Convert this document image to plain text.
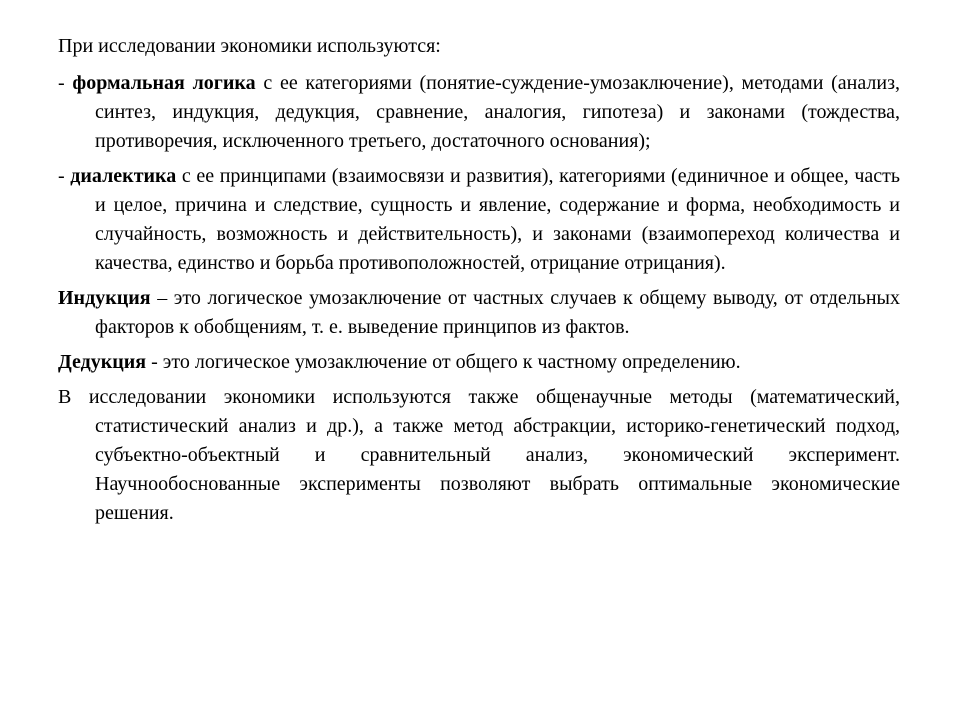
При исследовании экономики используются:

- формальная логика с ее категориями (понятие-суждение-умозаключение), методами (анализ, синтез, индукция, дедукция, сравнение, аналогия, гипотеза) и законами (тождества, противоречия, исключенного третьего, достаточного основания);

- диалектика с ее принципами (взаимосвязи и развития), категориями (единичное и общее, часть и целое, причина и следствие, сущность и явление, содержание и форма, необходимость и случайность, возможность и действительность), и законами (взаимопереход количества и качества, единство и борьба противоположностей, отрицание отрицания).

Индукция – это логическое умозаключение от частных случаев к общему выводу, от отдельных факторов к обобщениям, т. е. выведение принципов из фактов.

Дедукция - это логическое умозаключение от общего к частному определению.

В исследовании экономики используются также общенаучные методы (математический, статистический анализ и др.), а также метод абстракции, историко-генетический подход, субъектно-объектный и сравнительный анализ, экономический эксперимент. Научнообоснованные эксперименты позволяют выбрать оптимальные экономические решения.
